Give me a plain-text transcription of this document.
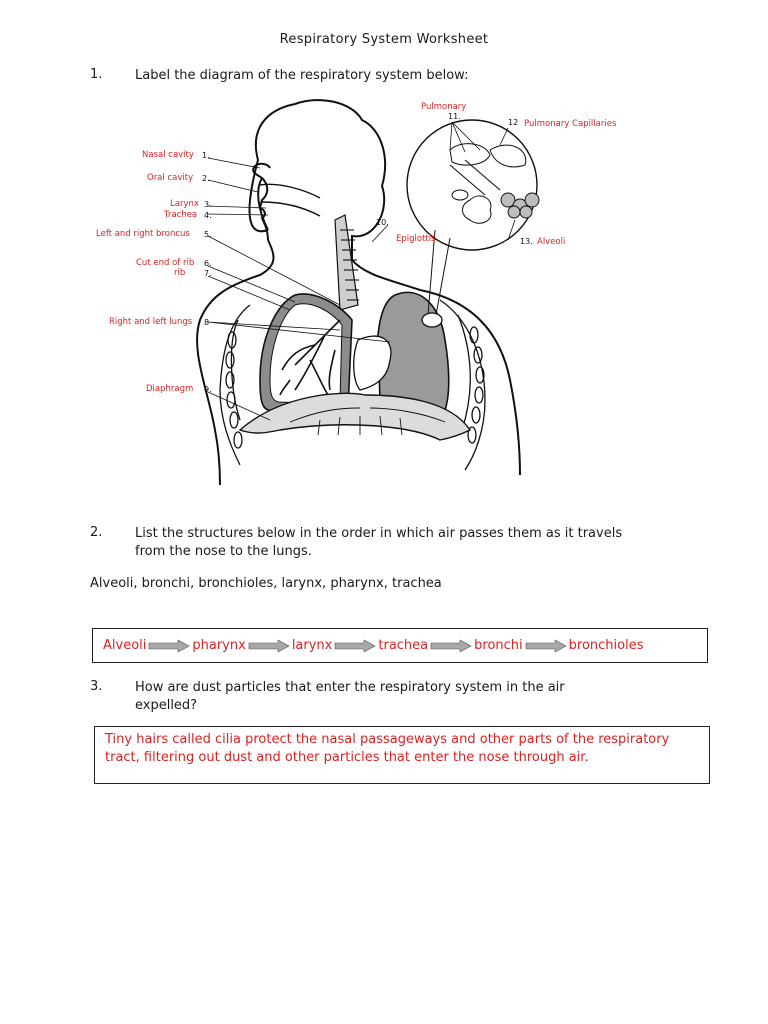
Respiratory System Worksheet
1.	Label the diagram of the respiratory system below:
Nasal cavity 1.
Oral cavity 2.
Larynx 3.
Trachea 4.
Left and right broncus 5.
Cut end of rib 6.
rib 7.
Right and left lungs 8
Diaphragm 9.
10.
Epiglottis
Pulmonary
11.
12 Pulmonary Capillaries
13. Alveoli
2.	List the structures below in the order in which air passes them as it travels
from the nose to the lungs.
Alveoli, bronchi, bronchioles, larynx, pharynx, trachea
Alveoli	pharynx	larynx	trachea	bronchi	bronchioles
3.	How are dust particles that enter the respiratory system in the air
expelled?
Tiny hairs called cilia protect the nasal passageways and other parts of the respiratory tract, filtering out dust and other particles that enter the nose through air.
